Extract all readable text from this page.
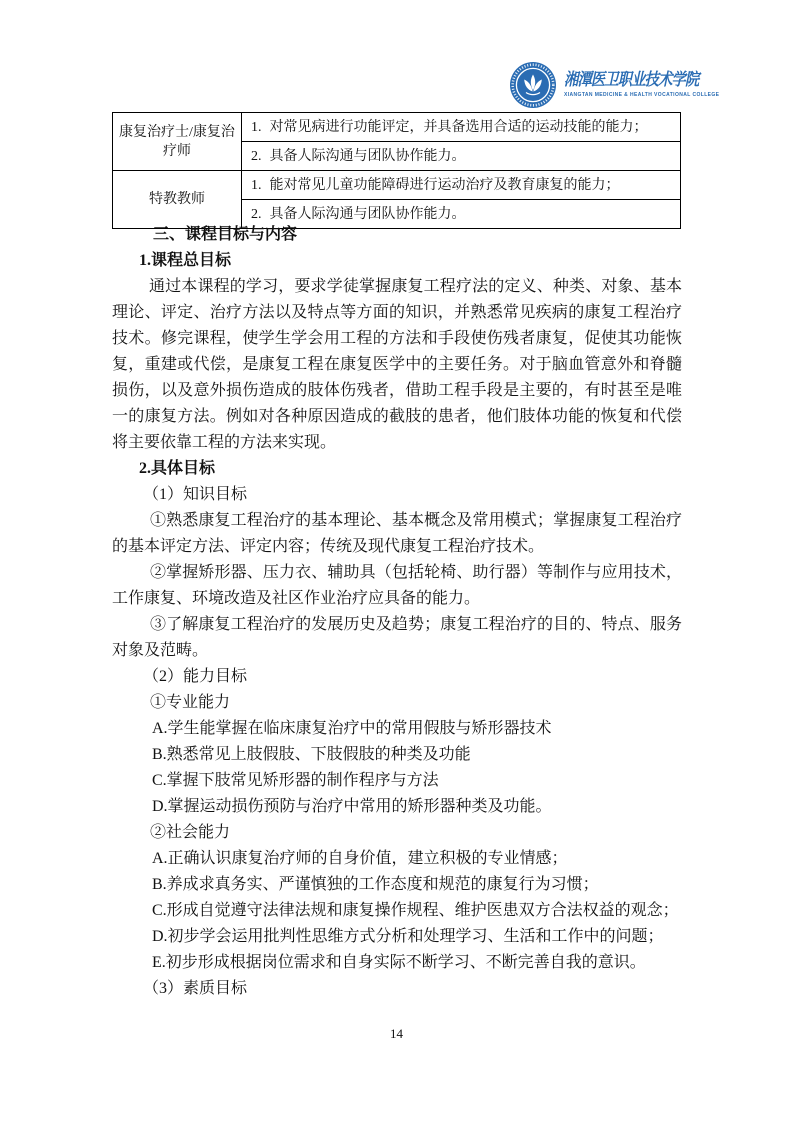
湘潭医卫职业技术学院
XIANGTAN MEDICINE & HEALTH VOCATIONAL COLLEGE
康复治疗士/康复治疗师	1. 对常见病进行功能评定，并具备选用合适的运动技能的能力；
	2. 具备人际沟通与团队协作能力。
特教教师	1. 能对常见儿童功能障碍进行运动治疗及教育康复的能力；
	2. 具备人际沟通与团队协作能力。

三、课程目标与内容

1.课程总目标

通过本课程的学习，要求学徒掌握康复工程疗法的定义、种类、对象、基本理论、评定、治疗方法以及特点等方面的知识，并熟悉常见疾病的康复工程治疗技术。修完课程，使学生学会用工程的方法和手段使伤残者康复，促使其功能恢复，重建或代偿，是康复工程在康复医学中的主要任务。对于脑血管意外和脊髓损伤，以及意外损伤造成的肢体伤残者，借助工程手段是主要的，有时甚至是唯一的康复方法。例如对各种原因造成的截肢的患者，他们肢体功能的恢复和代偿将主要依靠工程的方法来实现。

2.具体目标

（1）知识目标

①熟悉康复工程治疗的基本理论、基本概念及常用模式；掌握康复工程治疗的基本评定方法、评定内容；传统及现代康复工程治疗技术。

②掌握矫形器、压力衣、辅助具（包括轮椅、助行器）等制作与应用技术，工作康复、环境改造及社区作业治疗应具备的能力。

③了解康复工程治疗的发展历史及趋势；康复工程治疗的目的、特点、服务对象及范畴。

（2）能力目标

①专业能力

A.学生能掌握在临床康复治疗中的常用假肢与矫形器技术

B.熟悉常见上肢假肢、下肢假肢的种类及功能

C.掌握下肢常见矫形器的制作程序与方法

D.掌握运动损伤预防与治疗中常用的矫形器种类及功能。

②社会能力

A.正确认识康复治疗师的自身价值，建立积极的专业情感；

B.养成求真务实、严谨慎独的工作态度和规范的康复行为习惯；

C.形成自觉遵守法律法规和康复操作规程、维护医患双方合法权益的观念；

D.初步学会运用批判性思维方式分析和处理学习、生活和工作中的问题；

E.初步形成根据岗位需求和自身实际不断学习、不断完善自我的意识。

（3）素质目标

14
